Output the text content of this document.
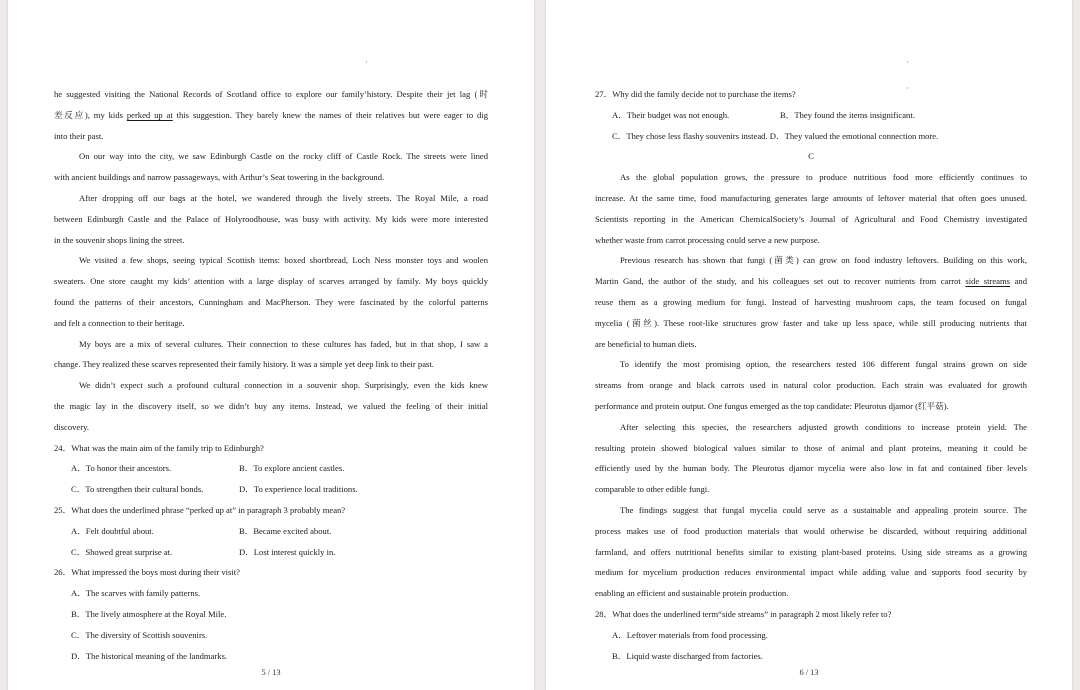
·
he suggested visiting the National Records of Scotland office to explore our family’history. Despite their jet lag (时
差反应), my kids perked up at this suggestion. They barely knew the names of their relatives but were eager to dig
into their past.
On our way into the city, we saw Edinburgh Castle on the rocky cliff of Castle Rock. The streets were lined
with ancient buildings and narrow passageways, with Arthur’s Seat towering in the background.
After dropping off our bags at the hotel, we wandered through the lively streets. The Royal Mile, a road
between Edinburgh Castle and the Palace of Holyroodhouse, was busy with activity. My kids were more interested
in the souvenir shops lining the street.
We visited a few shops, seeing typical Scottish items: boxed shortbread, Loch Ness monster toys and woolen
sweaters. One store caught my kids’ attention with a large display of scarves arranged by family. My boys quickly
found the patterns of their ancestors, Cunningham and MacPherson. They were fascinated by the colorful patterns
and felt a connection to their heritage.
My boys are a mix of several cultures. Their connection to these cultures has faded, but in that shop, I saw a
change. They realized these scarves represented their family history. It was a simple yet deep link to their past.
We didn’t expect such a profound cultural connection in a souvenir shop. Surprisingly, even the kids knew
the magic lay in the discovery itself, so we didn’t buy any items. Instead, we valued the feeling of their initial
discovery.
24．What was the main aim of the family trip to Edinburgh?
A．To honor their ancestors.	B．To explore ancient castles.
C．To strengthen their cultural bonds.	D．To experience local traditions.
25．What does the underlined phrase “perked up at” in paragraph 3 probably mean?
A．Felt doubtful about.	B．Became excited about.
C．Showed great surprise at.	D．Lost interest quickly in.
26．What impressed the boys most during their visit?
A．The scarves with family patterns.
B．The lively atmosphere at the Royal Mile.
C．The diversity of Scottish souvenirs.
D．The historical meaning of the landmarks.
5 / 13
·
·
27．Why did the family decide not to purchase the items?
A．Their budget was not enough.	B．They found the items insignificant.
C．They chose less flashy souvenirs instead. D．They valued the emotional connection more.
C
As the global population grows, the pressure to produce nutritious food more efficiently continues to
increase. At the same time, food manufacturing generates large amounts of leftover material that often goes unused.
Scientists reporting in the American ChemicalSociety’s Journal of Agricultural and Food Chemistry investigated
whether waste from carrot processing could serve a new purpose.
Previous research has shown that fungi (菌类) can grow on food industry leftovers. Building on this work,
Martin Gand, the author of the study, and his colleagues set out to recover nutrients from carrot side streams and
reuse them as a growing medium for fungi. Instead of harvesting mushroom caps, the team focused on fungal
mycelia (菌丝). These root-like structures grow faster and take up less space, while still producing nutrients that
are beneficial to human diets.
To identify the most promising option, the researchers tested 106 different fungal strains grown on side
streams from orange and black carrots used in natural color production. Each strain was evaluated for growth
performance and protein output. One fungus emerged as the top candidate: Pleurotus djamor (红平菇).
After selecting this species, the researchers adjusted growth conditions to increase protein yield. The
resulting protein showed biological values similar to those of animal and plant proteins, meaning it could be
efficiently used by the human body. The Pleurotus djamor mycelia were also low in fat and contained fiber levels
comparable to other edible fungi.
The findings suggest that fungal mycelia could serve as a sustainable and appealing protein source. The
process makes use of food production materials that would otherwise be discarded, without requiring additional
farmland, and offers nutritional benefits similar to existing plant-based proteins. Using side streams as a growing
medium for mycelium production reduces environmental impact while adding value and supports food security by
enabling an efficient and sustainable protein production.
28．What does the underlined term“side streams” in paragraph 2 most likely refer to?
A．Leftover materials from food processing.
B．Liquid waste discharged from factories.
6 / 13
